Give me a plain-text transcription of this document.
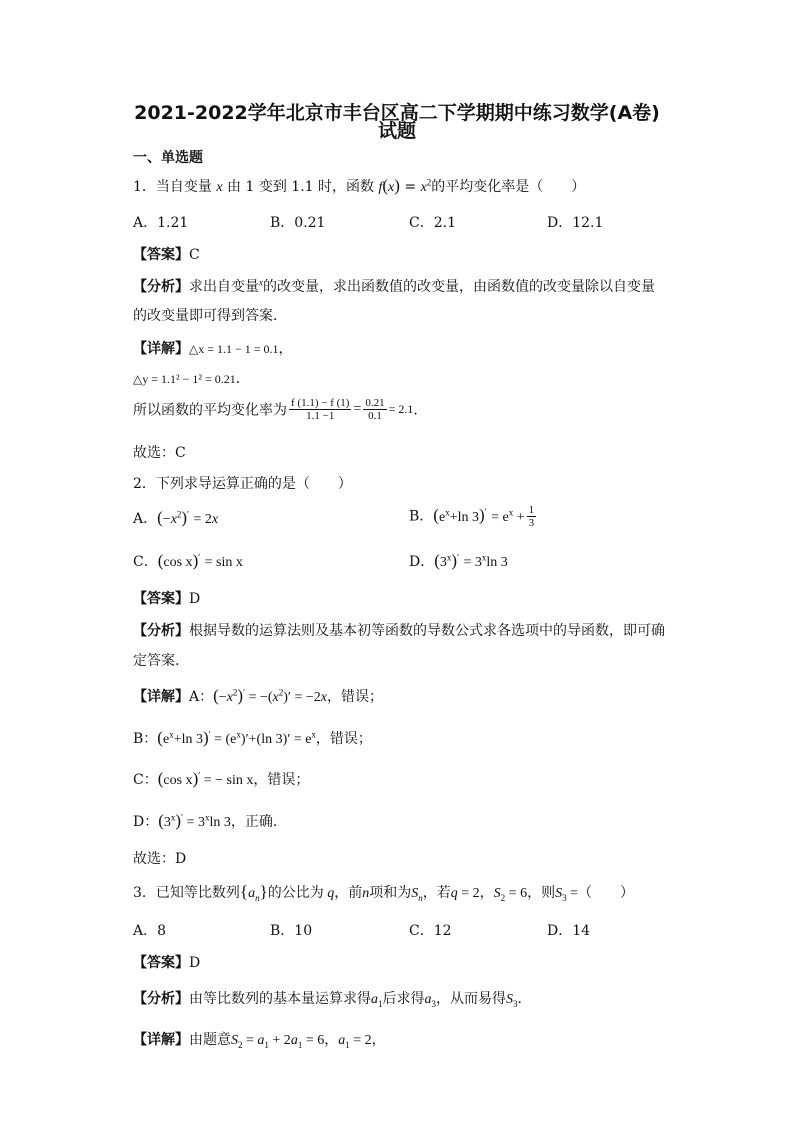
2021-2022学年北京市丰台区高二下学期期中练习数学(A卷)
试题
一、单选题
1．当自变量 x 由 1 变到 1.1 时，函数 $f(x) = x^2$的平均变化率是（　　）
A．1.21	B．0.21	C．2.1	D．12.1
【答案】C
【分析】求出自变量$^x$的改变量，求出函数值的改变量，由函数值的改变量除以自变量
的改变量即可得到答案．
【详解】△x = 1.1 − 1 = 0.1，
△y = 1.1² − 1² = 0.21．
所以函数的平均变化率为 $\frac{f (1.1) - f (1)}{1.1 -1} = \frac{0.21}{0.1} = 2.1$．
故选：C
2．下列求导运算正确的是（　　）
A．$(-x^2)' = 2x$	B．($e^x+\ln$ $3)' = e^x + \frac{1}{3}$
C．(cos x)′ = sin x	D．$(3^x)' = 3^x\ln$ 3
【答案】D
【分析】根据导数的运算法则及基本初等函数的导数公式求各选项中的导函数，即可确
定答案.
【详解】A：$(-x^2)' = -(x^2)' = -2x$，错误；
B：($e^x+\ln$ $3)' = (e^x)'+(\ln$ $3)' = e^x$，错误；
C：(cos x)′ = − sin x，错误；
D：$(3^x)' = 3^x\ln$ 3，正确.
故选：D
3．已知等比数列$\{a_n\}$的公比为 q，前n项和为$S_n$，若q = 2，$S_2 = 6$，则$S_3$ =（　　）
A．8	B．10	C．12	D．14
【答案】D
【分析】由等比数列的基本量运算求得$a_1$后求得$a_3$，从而易得$S_3$．
【详解】由题意$S_2 = a_1 + 2a_1 = 6$，$a_1 = 2$，
